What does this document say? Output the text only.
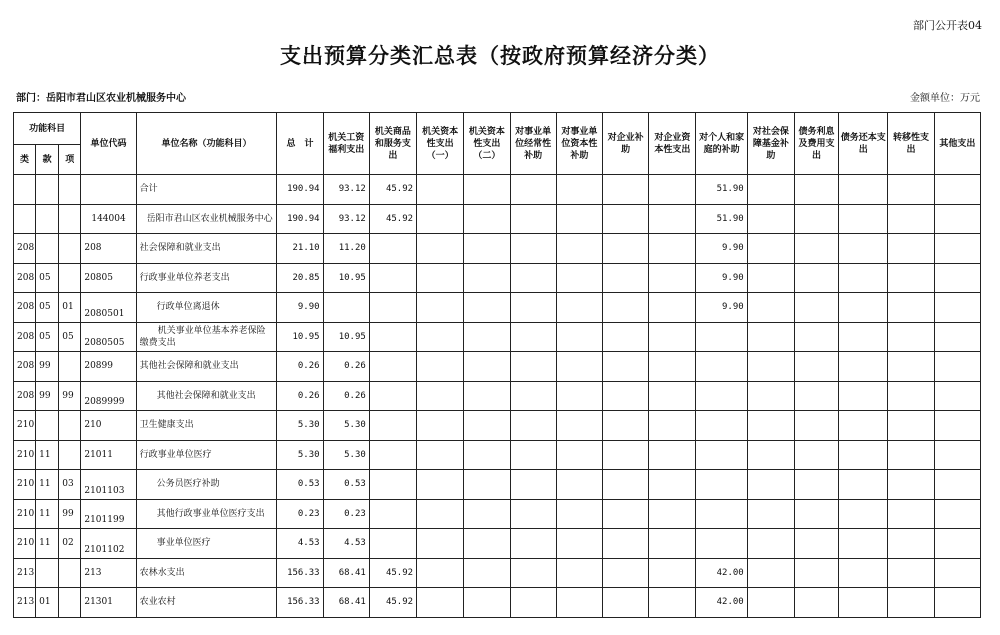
部门公开表04
支出预算分类汇总表（按政府预算经济分类）
部门：岳阳市君山区农业机械服务中心	金额单位：万元
功能科目			单位代码	单位名称（功能科目）	总　计	机关工资福利支出	机关商品和服务支出	机关资本性支出（一）	机关资本性支出（二）	对事业单位经常性补助	对事业单位资本性补助	对企业补助	对企业资本性支出	对个人和家庭的补助	对社会保障基金补助	债务利息及费用支出	债务还本支出	转移性支出	其他支出
类	款	项																	
				合计	190.94	93.12	45.92							51.90					
			144004	岳阳市君山区农业机械服务中心	190.94	93.12	45.92							51.90					
208			208	社会保障和就业支出	21.10	11.20								9.90					
208	05		20805	行政事业单位养老支出	20.85	10.95								9.90					
208	05	01	2080501	行政单位离退休	9.90									9.90					
208	05	05	2080505	机关事业单位基本养老保险缴费支出	10.95	10.95													
208	99		20899	其他社会保障和就业支出	0.26	0.26													
208	99	99	2089999	其他社会保障和就业支出	0.26	0.26													
210			210	卫生健康支出	5.30	5.30													
210	11		21011	行政事业单位医疗	5.30	5.30													
210	11	03	2101103	公务员医疗补助	0.53	0.53													
210	11	99	2101199	其他行政事业单位医疗支出	0.23	0.23													
210	11	02	2101102	事业单位医疗	4.53	4.53													
213			213	农林水支出	156.33	68.41	45.92							42.00					
213	01		21301	农业农村	156.33	68.41	45.92							42.00					
